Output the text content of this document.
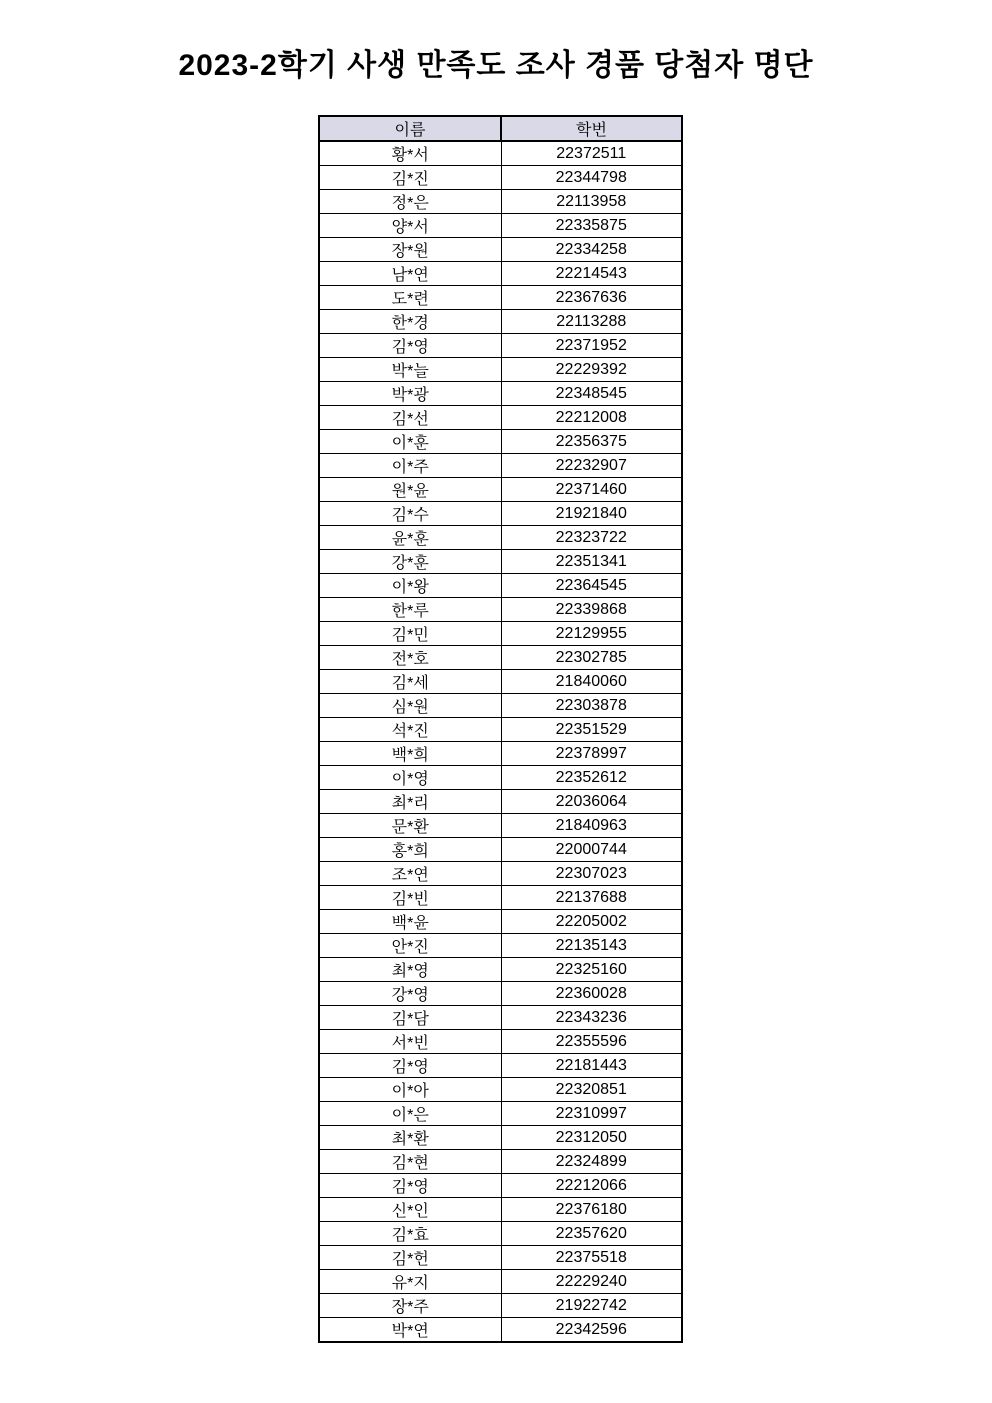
2023-2학기 사생 만족도 조사 경품 당첨자 명단
이름	학번
황*서	22372511
김*진	22344798
정*은	22113958
양*서	22335875
장*원	22334258
남*연	22214543
도*련	22367636
한*경	22113288
김*영	22371952
박*늘	22229392
박*광	22348545
김*선	22212008
이*훈	22356375
이*주	22232907
원*윤	22371460
김*수	21921840
윤*훈	22323722
강*훈	22351341
이*왕	22364545
한*루	22339868
김*민	22129955
전*호	22302785
김*세	21840060
심*원	22303878
석*진	22351529
백*희	22378997
이*영	22352612
최*리	22036064
문*환	21840963
홍*희	22000744
조*연	22307023
김*빈	22137688
백*윤	22205002
안*진	22135143
최*영	22325160
강*영	22360028
김*담	22343236
서*빈	22355596
김*영	22181443
이*아	22320851
이*은	22310997
최*환	22312050
김*현	22324899
김*영	22212066
신*인	22376180
김*효	22357620
김*헌	22375518
유*지	22229240
장*주	21922742
박*연	22342596
